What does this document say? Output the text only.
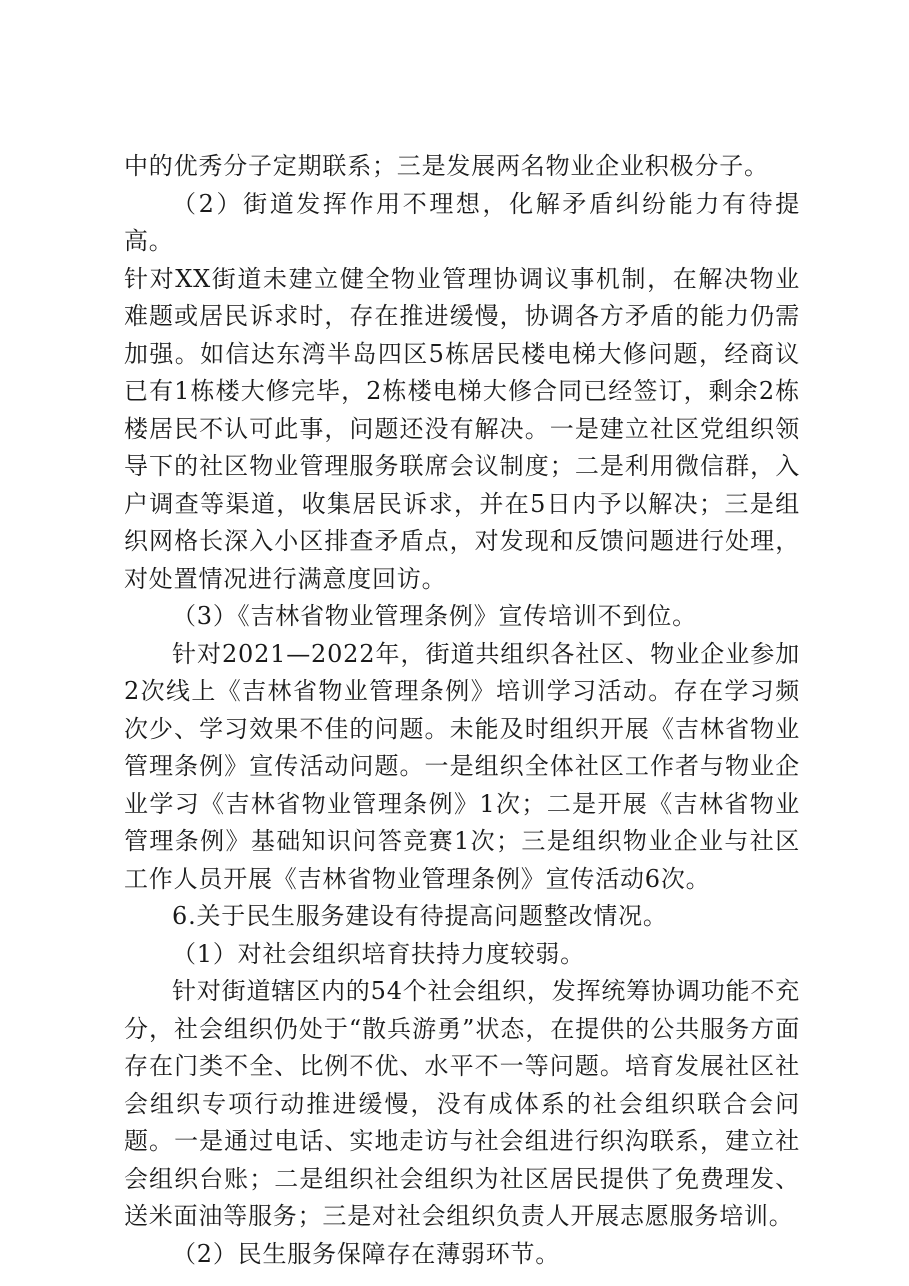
中的优秀分子定期联系；三是发展两名物业企业积极分子。

（2）街道发挥作用不理想，化解矛盾纠纷能力有待提高。

针对XX街道未建立健全物业管理协调议事机制，在解决物业难题或居民诉求时，存在推进缓慢，协调各方矛盾的能力仍需加强。如信达东湾半岛四区5栋居民楼电梯大修问题，经商议已有1栋楼大修完毕，2栋楼电梯大修合同已经签订，剩余2栋楼居民不认可此事，问题还没有解决。一是建立社区党组织领导下的社区物业管理服务联席会议制度；二是利用微信群，入户调查等渠道，收集居民诉求，并在5日内予以解决；三是组织网格长深入小区排查矛盾点，对发现和反馈问题进行处理，对处置情况进行满意度回访。

（3）《吉林省物业管理条例》宣传培训不到位。

针对2021—2022年，街道共组织各社区、物业企业参加2次线上《吉林省物业管理条例》培训学习活动。存在学习频次少、学习效果不佳的问题。未能及时组织开展《吉林省物业管理条例》宣传活动问题。一是组织全体社区工作者与物业企业学习《吉林省物业管理条例》1次；二是开展《吉林省物业管理条例》基础知识问答竞赛1次；三是组织物业企业与社区工作人员开展《吉林省物业管理条例》宣传活动6次。

6.关于民生服务建设有待提高问题整改情况。

（1）对社会组织培育扶持力度较弱。

针对街道辖区内的54个社会组织，发挥统筹协调功能不充分，社会组织仍处于“散兵游勇”状态，在提供的公共服务方面存在门类不全、比例不优、水平不一等问题。培育发展社区社会组织专项行动推进缓慢，没有成体系的社会组织联合会问题。一是通过电话、实地走访与社会组进行织沟联系，建立社会组织台账；二是组织社会组织为社区居民提供了免费理发、送米面油等服务；三是对社会组织负责人开展志愿服务培训。

（2）民生服务保障存在薄弱环节。
